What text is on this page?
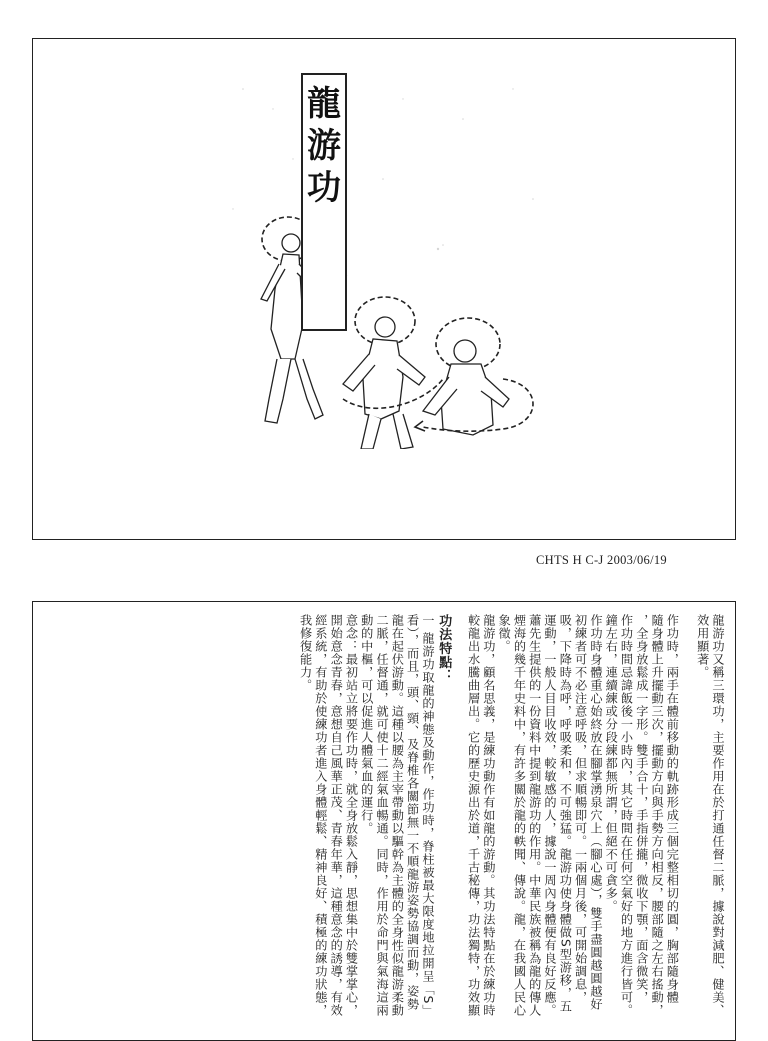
龍
游
功
CHTS H C-J 2003/06/19
龍游功又稱三環功，主要作用在於打通任督二脈，據說對減肥、健美、
效用顯著。
作功時，兩手在體前移動的軌跡形成三個完整相切的圓，胸部隨身體
隨身體上升擺動三次，擺動方向與手勢方向相反，腰部隨之左右搖動，
，全身放鬆成一字形。雙手合十，手指併攏，微收下顎，面含微笑，
作功時間忌諱飯後一小時內，其它時間在任何空氣好的地方進行皆可。
鐘左右，連續練或分段練都無所謂，但絕不可貪多。
作功時身體重心始終放在腳掌湧泉穴上（腳心處），雙手盡圓越圓越好
初練者可不必注意呼吸，但求順暢即可。一兩個月後，可開始調息，
吸，下降時為呼，呼吸柔和，不可強猛。龍游功使身體做S型游移，五
運動，一般人目目收效，較敏感的人，據說一周內身體便有良好反應。
蕭先生提供的一份資料中提到龍游功的作用。中華民族被稱為龍的傳人
煙海的幾千年史料中，有許多關於龍的軼聞、傳說。龍，在我國人民心
象徵。
龍游功，顧名思義，是練功動作有如龍的游動。其功法特點在於練功時
較龍出水騰曲層出。它的歷史源出於道，千古秘傳，功法獨特，功效顯
功法特點：
一 龍游功取龍的神態及動作，作功時，脊柱被最大限度地拉開呈「S」
看），而且，頭、頸、及脊椎各關節無一不順龍游姿勢協調而動，姿勢
龍在起伏游動。這種以腰為主宰帶動以驅幹為主體的全身性似龍游柔動
二脈，任督通，就可使十二經氣血暢通。同時，作用於命門與氣海這兩
動的中樞，可以促進人體氣血的運行。
意念：最初站立將要作功時，就全身放鬆入靜，思想集中於雙掌掌心，
開始意念青春，意想自己風華正茂、青春年華，這種意念的誘導，有效
經系統，有助於使練功者進入身體輕鬆、精神良好、積極的練功狀態，
我修復能力。
